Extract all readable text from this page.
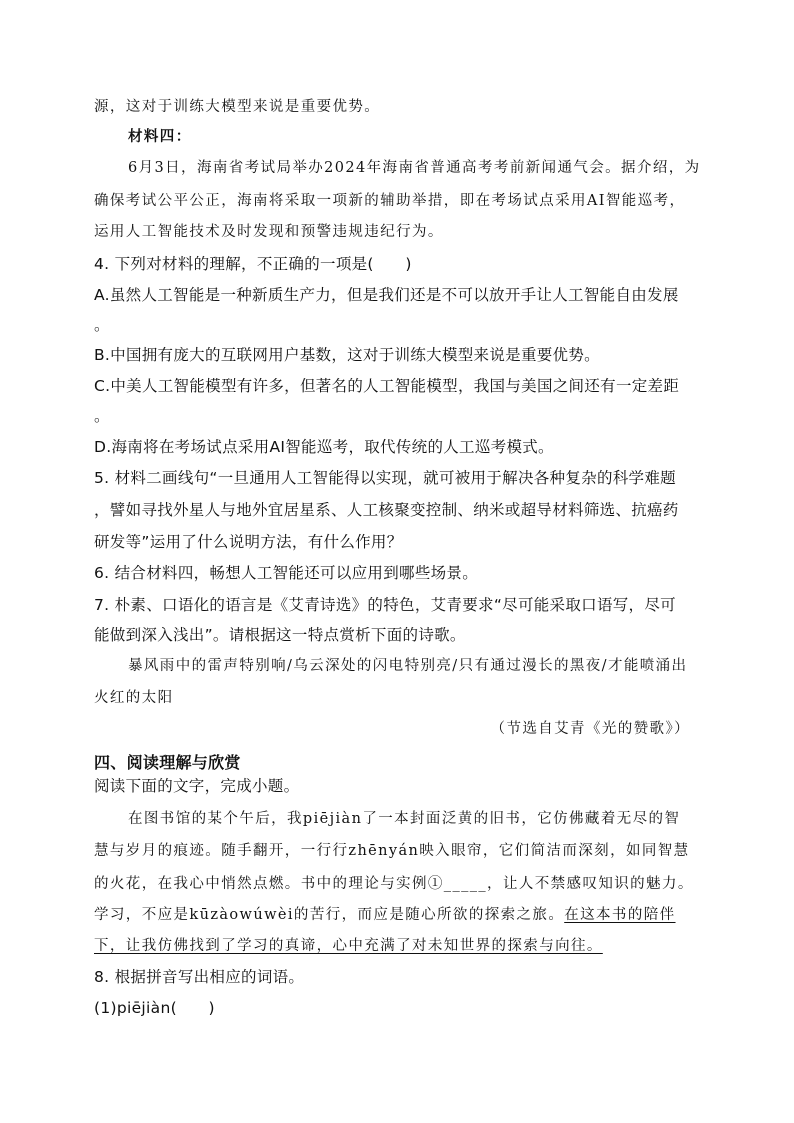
源，这对于训练大模型来说是重要优势。
材料四：
6月3日，海南省考试局举办2024年海南省普通高考考前新闻通气会。据介绍，为
确保考试公平公正，海南将采取一项新的辅助举措，即在考场试点采用AI智能巡考，
运用人工智能技术及时发现和预警违规违纪行为。
4. 下列对材料的理解，不正确的一项是(　　)
A.虽然人工智能是一种新质生产力，但是我们还是不可以放开手让人工智能自由发展
。
B.中国拥有庞大的互联网用户基数，这对于训练大模型来说是重要优势。
C.中美人工智能模型有许多，但著名的人工智能模型，我国与美国之间还有一定差距
。
D.海南将在考场试点采用AI智能巡考，取代传统的人工巡考模式。
5. 材料二画线句“一旦通用人工智能得以实现，就可被用于解决各种复杂的科学难题
，譬如寻找外星人与地外宜居星系、人工核聚变控制、纳米或超导材料筛选、抗癌药
研发等”运用了什么说明方法，有什么作用？
6. 结合材料四，畅想人工智能还可以应用到哪些场景。
7. 朴素、口语化的语言是《艾青诗选》的特色，艾青要求“尽可能采取口语写，尽可
能做到深入浅出”。请根据这一特点赏析下面的诗歌。
暴风雨中的雷声特别响/乌云深处的闪电特别亮/只有通过漫长的黑夜/才能喷涌出
火红的太阳
（节选自艾青《光的赞歌》）
四、阅读理解与欣赏
阅读下面的文字，完成小题。
在图书馆的某个午后，我piējiàn了一本封面泛黄的旧书，它仿佛藏着无尽的智
慧与岁月的痕迹。随手翻开，一行行zhēnyán映入眼帘，它们简洁而深刻，如同智慧
的火花，在我心中悄然点燃。书中的理论与实例①_____，让人不禁感叹知识的魅力。
学习，不应是kūzàowúwèi的苦行，而应是随心所欲的探索之旅。在这本书的陪伴
下，让我仿佛找到了学习的真谛，心中充满了对未知世界的探索与向往。
8. 根据拼音写出相应的词语。
(1)piējiàn(　　)
